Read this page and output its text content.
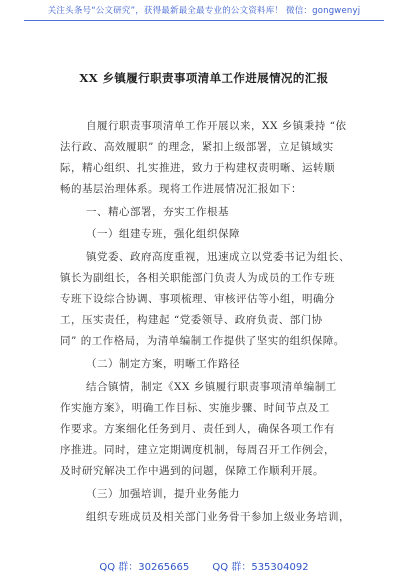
关注头条号“公文研究”，获得最新最全最专业的公文资料库！ 微信：gongwenyj
XX 乡镇履行职责事项清单工作进展情况的汇报
自履行职责事项清单工作开展以来，XX 乡镇秉持 “依
法行政、高效履职” 的理念，紧扣上级部署，立足镇域实
际，精心组织、扎实推进，致力于构建权责明晰、运转顺
畅的基层治理体系。现将工作进展情况汇报如下：
一、精心部署，夯实工作根基
（一）组建专班，强化组织保障
镇党委、政府高度重视，迅速成立以党委书记为组长、
镇长为副组长，各相关职能部门负责人为成员的工作专班
专班下设综合协调、事项梳理、审核评估等小组，明确分
工，压实责任，构建起 “党委领导、政府负责、部门协
同” 的工作格局，为清单编制工作提供了坚实的组织保障。
（二）制定方案，明晰工作路径
结合镇情，制定《XX 乡镇履行职责事项清单编制工
作实施方案》，明确工作目标、实施步骤、时间节点及工
作要求。方案细化任务到月、责任到人，确保各项工作有
序推进。同时，建立定期调度机制，每周召开工作例会，
及时研究解决工作中遇到的问题，保障工作顺利开展。
（三）加强培训，提升业务能力
组织专班成员及相关部门业务骨干参加上级业务培训，
QQ 群：30265665 QQ 群：535304092
